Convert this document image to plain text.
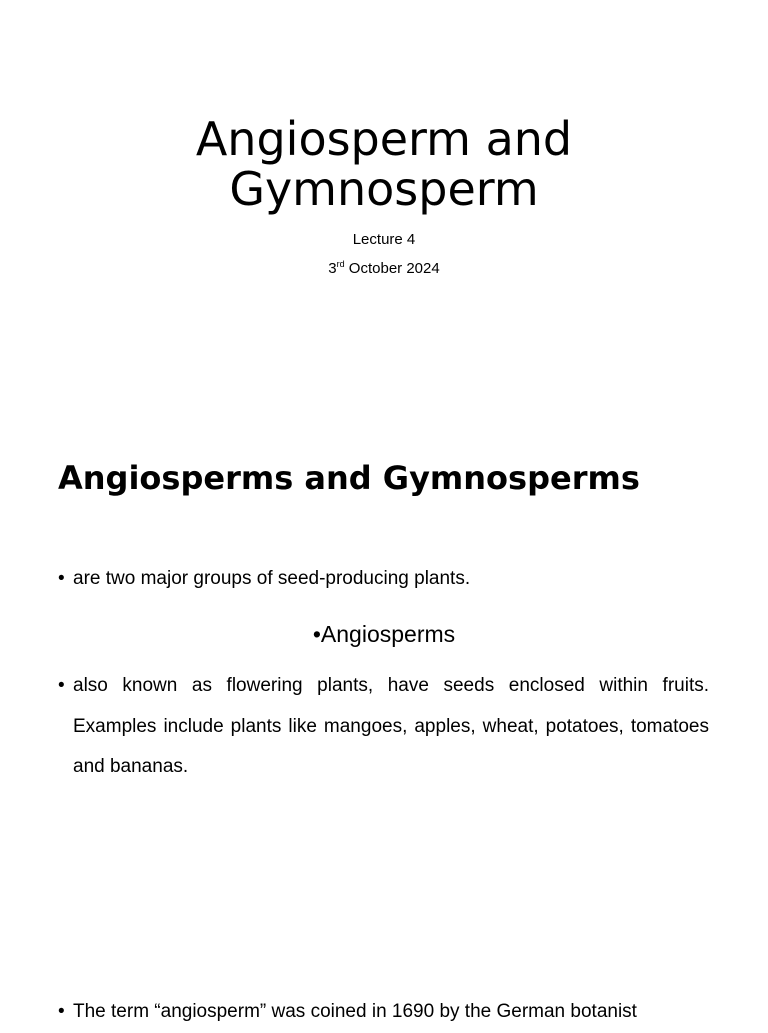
Angiosperm and
Gymnosperm
Lecture 4
3rd October 2024
Angiosperms and Gymnosperms
• are two major groups of seed-producing plants.
•Angiosperms
• also known as flowering plants, have seeds enclosed within fruits. Examples include plants like mangoes, apples, wheat, potatoes, tomatoes and bananas.
• The term “angiosperm” was coined in 1690 by the German botanist
